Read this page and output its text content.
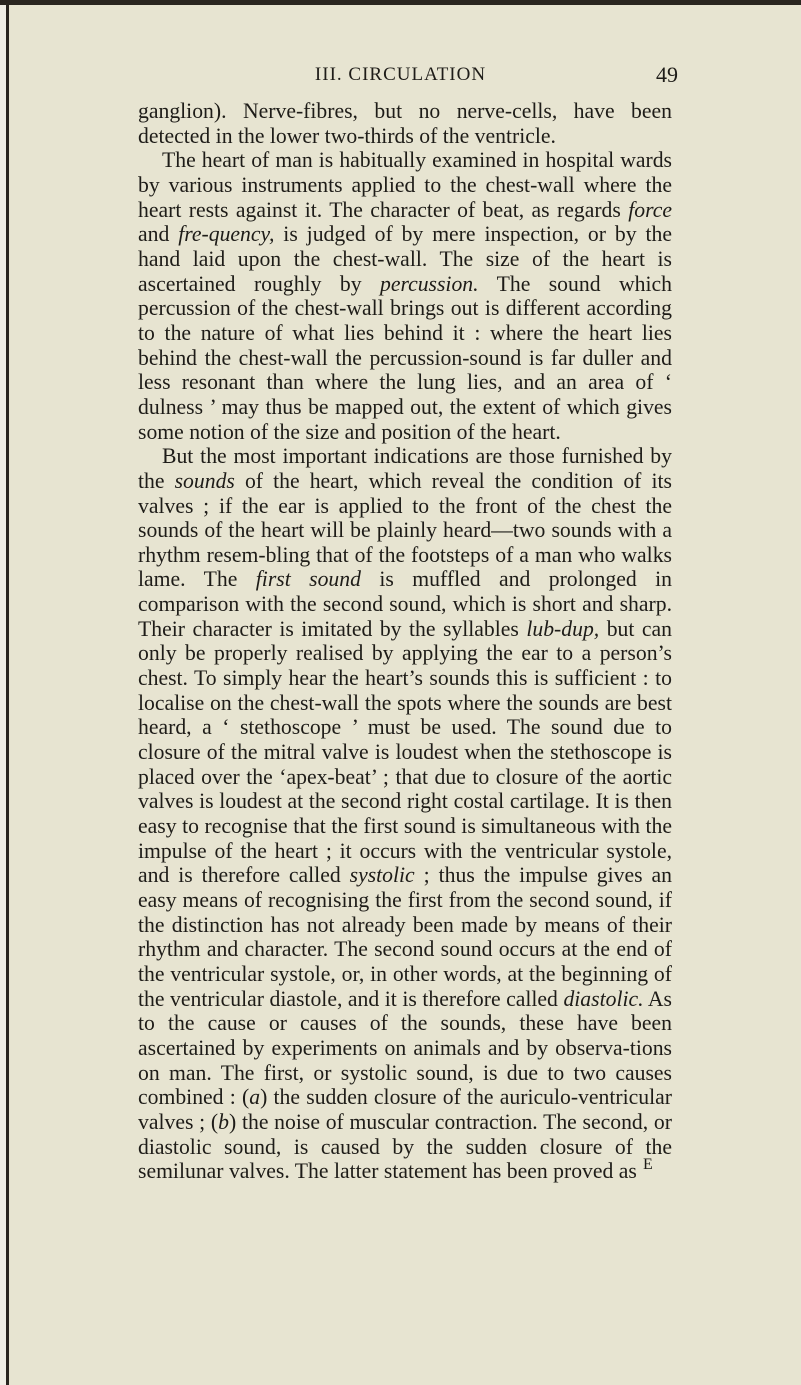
III. CIRCULATION	49

ganglion). Nerve-fibres, but no nerve-cells, have been detected in the lower two-thirds of the ventricle.

The heart of man is habitually examined in hospital wards by various instruments applied to the chest-wall where the heart rests against it. The character of beat, as regards force and fre-quency, is judged of by mere inspection, or by the hand laid upon the chest-wall. The size of the heart is ascertained roughly by percussion. The sound which percussion of the chest-wall brings out is different according to the nature of what lies behind it : where the heart lies behind the chest-wall the percussion-sound is far duller and less resonant than where the lung lies, and an area of ‘ dulness ’ may thus be mapped out, the extent of which gives some notion of the size and position of the heart.

But the most important indications are those furnished by the sounds of the heart, which reveal the condition of its valves ; if the ear is applied to the front of the chest the sounds of the heart will be plainly heard—two sounds with a rhythm resem-bling that of the footsteps of a man who walks lame. The first sound is muffled and prolonged in comparison with the second sound, which is short and sharp. Their character is imitated by the syllables lub-dup, but can only be properly realised by applying the ear to a person’s chest. To simply hear the heart’s sounds this is sufficient : to localise on the chest-wall the spots where the sounds are best heard, a ‘ stethoscope ’ must be used. The sound due to closure of the mitral valve is loudest when the stethoscope is placed over the ‘apex-beat’ ; that due to closure of the aortic valves is loudest at the second right costal cartilage. It is then easy to recognise that the first sound is simultaneous with the impulse of the heart ; it occurs with the ventricular systole, and is therefore called systolic ; thus the impulse gives an easy means of recognising the first from the second sound, if the distinction has not already been made by means of their rhythm and character. The second sound occurs at the end of the ventricular systole, or, in other words, at the beginning of the ventricular diastole, and it is therefore called diastolic. As to the cause or causes of the sounds, these have been ascertained by experiments on animals and by observa-tions on man. The first, or systolic sound, is due to two causes combined : (a) the sudden closure of the auriculo-ventricular valves ; (b) the noise of muscular contraction. The second, or diastolic sound, is caused by the sudden closure of the semilunar valves. The latter statement has been proved as E
